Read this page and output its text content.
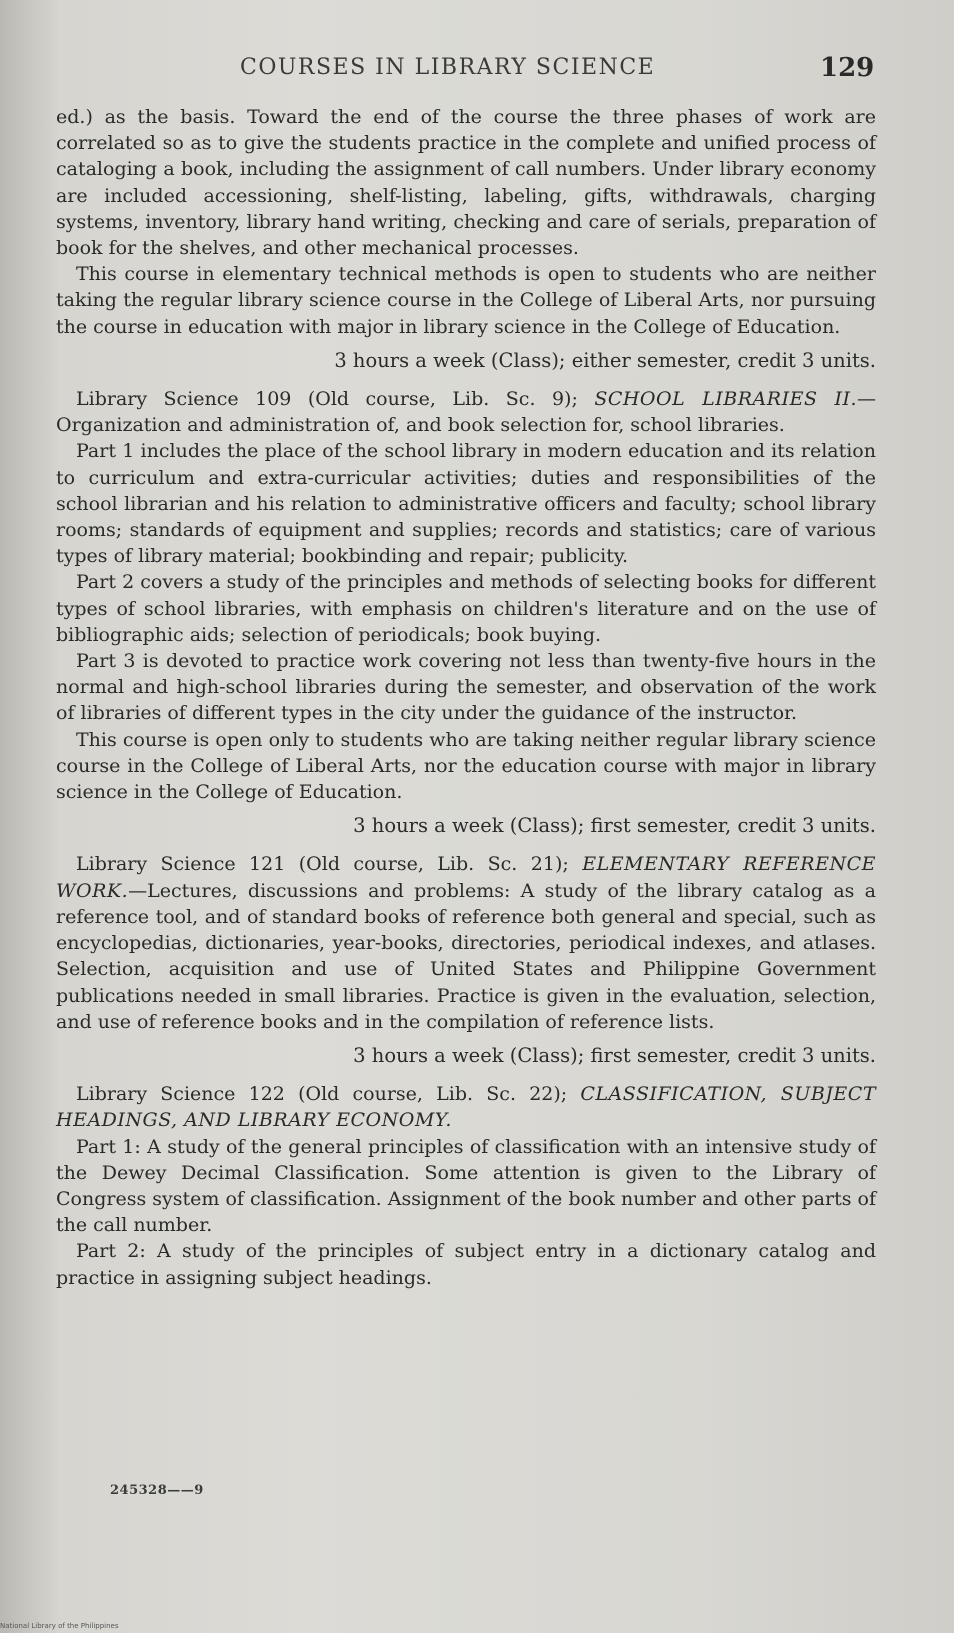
COURSES IN LIBRARY SCIENCE	129

ed.) as the basis. Toward the end of the course the three phases of work are correlated so as to give the students practice in the complete and unified process of cataloging a book, including the assignment of call numbers. Under library economy are included accessioning, shelf-listing, labeling, gifts, withdrawals, charging systems, inventory, library hand writing, checking and care of serials, preparation of book for the shelves, and other mechanical processes.

This course in elementary technical methods is open to students who are neither taking the regular library science course in the College of Liberal Arts, nor pursuing the course in education with major in library science in the College of Education.

3 hours a week (Class); either semester, credit 3 units.

Library Science 109 (Old course, Lib. Sc. 9); SCHOOL LIBRARIES II.—Organization and administration of, and book selection for, school libraries.

Part 1 includes the place of the school library in modern education and its relation to curriculum and extra-curricular activities; duties and responsibilities of the school librarian and his relation to administrative officers and faculty; school library rooms; standards of equipment and supplies; records and statistics; care of various types of library material; bookbinding and repair; publicity.

Part 2 covers a study of the principles and methods of selecting books for different types of school libraries, with emphasis on children's literature and on the use of bibliographic aids; selection of periodicals; book buying.

Part 3 is devoted to practice work covering not less than twenty-five hours in the normal and high-school libraries during the semester, and observation of the work of libraries of different types in the city under the guidance of the instructor.

This course is open only to students who are taking neither regular library science course in the College of Liberal Arts, nor the education course with major in library science in the College of Education.

3 hours a week (Class); first semester, credit 3 units.

Library Science 121 (Old course, Lib. Sc. 21); ELEMENTARY REFERENCE WORK.—Lectures, discussions and problems: A study of the library catalog as a reference tool, and of standard books of reference both general and special, such as encyclopedias, dictionaries, year-books, directories, periodical indexes, and atlases. Selection, acquisition and use of United States and Philippine Government publications needed in small libraries. Practice is given in the evaluation, selection, and use of reference books and in the compilation of reference lists.

3 hours a week (Class); first semester, credit 3 units.

Library Science 122 (Old course, Lib. Sc. 22); CLASSIFICATION, SUBJECT HEADINGS, AND LIBRARY ECONOMY.

Part 1: A study of the general principles of classification with an intensive study of the Dewey Decimal Classification. Some attention is given to the Library of Congress system of classification. Assignment of the book number and other parts of the call number.

Part 2: A study of the principles of subject entry in a dictionary catalog and practice in assigning subject headings.

245328——9
National Library of the Philippines
